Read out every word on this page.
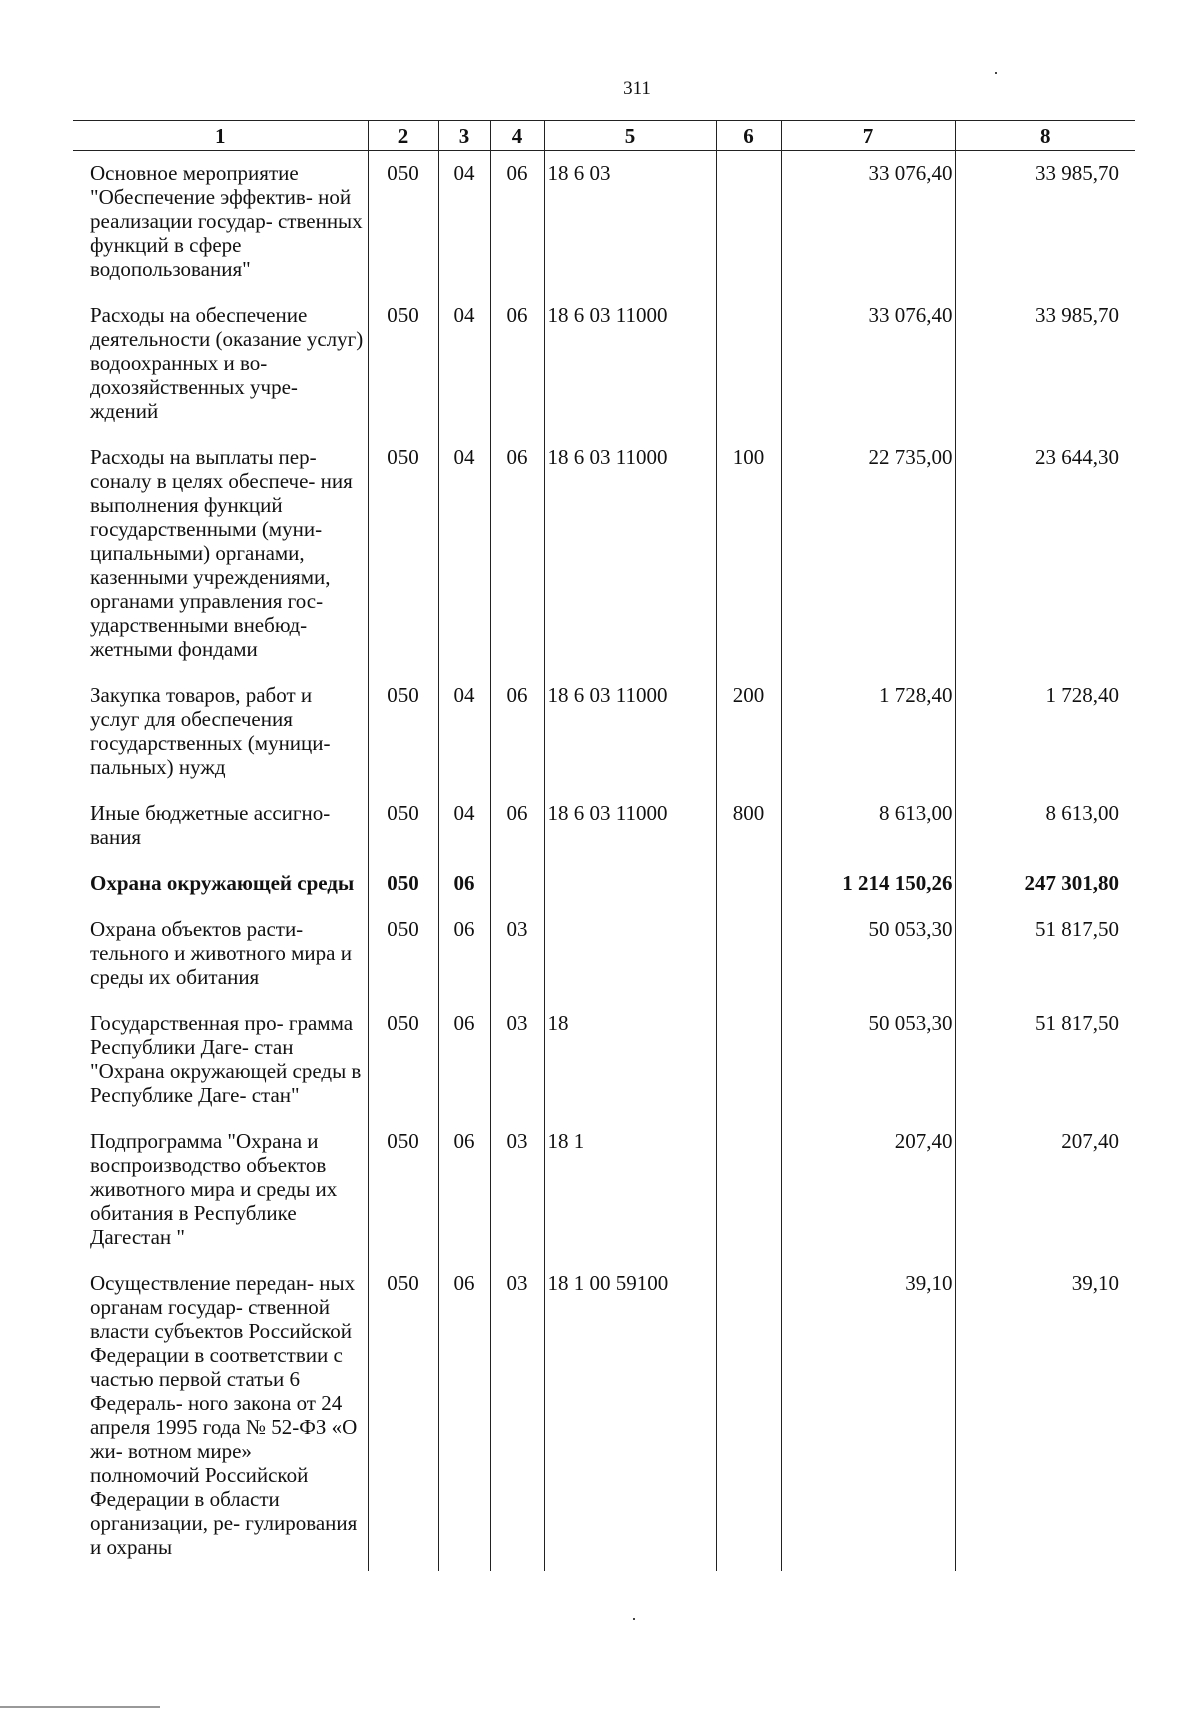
311
1	2	3	4	5	6	7	8
Основное мероприятие "Обеспечение эффектив- ной реализации государ- ственных функций в сфере водопользования"	050	04	06	18 6 03		33 076,40	33 985,70
Расходы на обеспечение деятельности (оказание услуг) водоохранных и во- дохозяйственных учре- ждений	050	04	06	18 6 03 11000		33 076,40	33 985,70
Расходы на выплаты пер- соналу в целях обеспече- ния выполнения функций государственными (муни- ципальными) органами, казенными учреждениями, органами управления гос- ударственными внебюд- жетными фондами	050	04	06	18 6 03 11000	100	22 735,00	23 644,30
Закупка товаров, работ и услуг для обеспечения государственных (муници- пальных) нужд	050	04	06	18 6 03 11000	200	1 728,40	1 728,40
Иные бюджетные ассигно- вания	050	04	06	18 6 03 11000	800	8 613,00	8 613,00
Охрана окружающей среды	050	06				1 214 150,26	247 301,80
Охрана объектов расти- тельного и животного мира и среды их обитания	050	06	03			50 053,30	51 817,50
Государственная про- грамма Республики Даге- стан "Охрана окружающей среды в Республике Даге- стан"	050	06	03	18		50 053,30	51 817,50
Подпрограмма "Охрана и воспроизводство объектов животного мира и среды их обитания в Республике Дагестан "	050	06	03	18 1		207,40	207,40
Осуществление передан- ных органам государ- ственной власти субъектов Российской Федерации в соответствии с частью первой статьи 6 Федераль- ного закона от 24 апреля 1995 года № 52-ФЗ «О жи- вотном мире» полномочий Российской Федерации в области организации, ре- гулирования и охраны	050	06	03	18 1 00 59100		39,10	39,10
